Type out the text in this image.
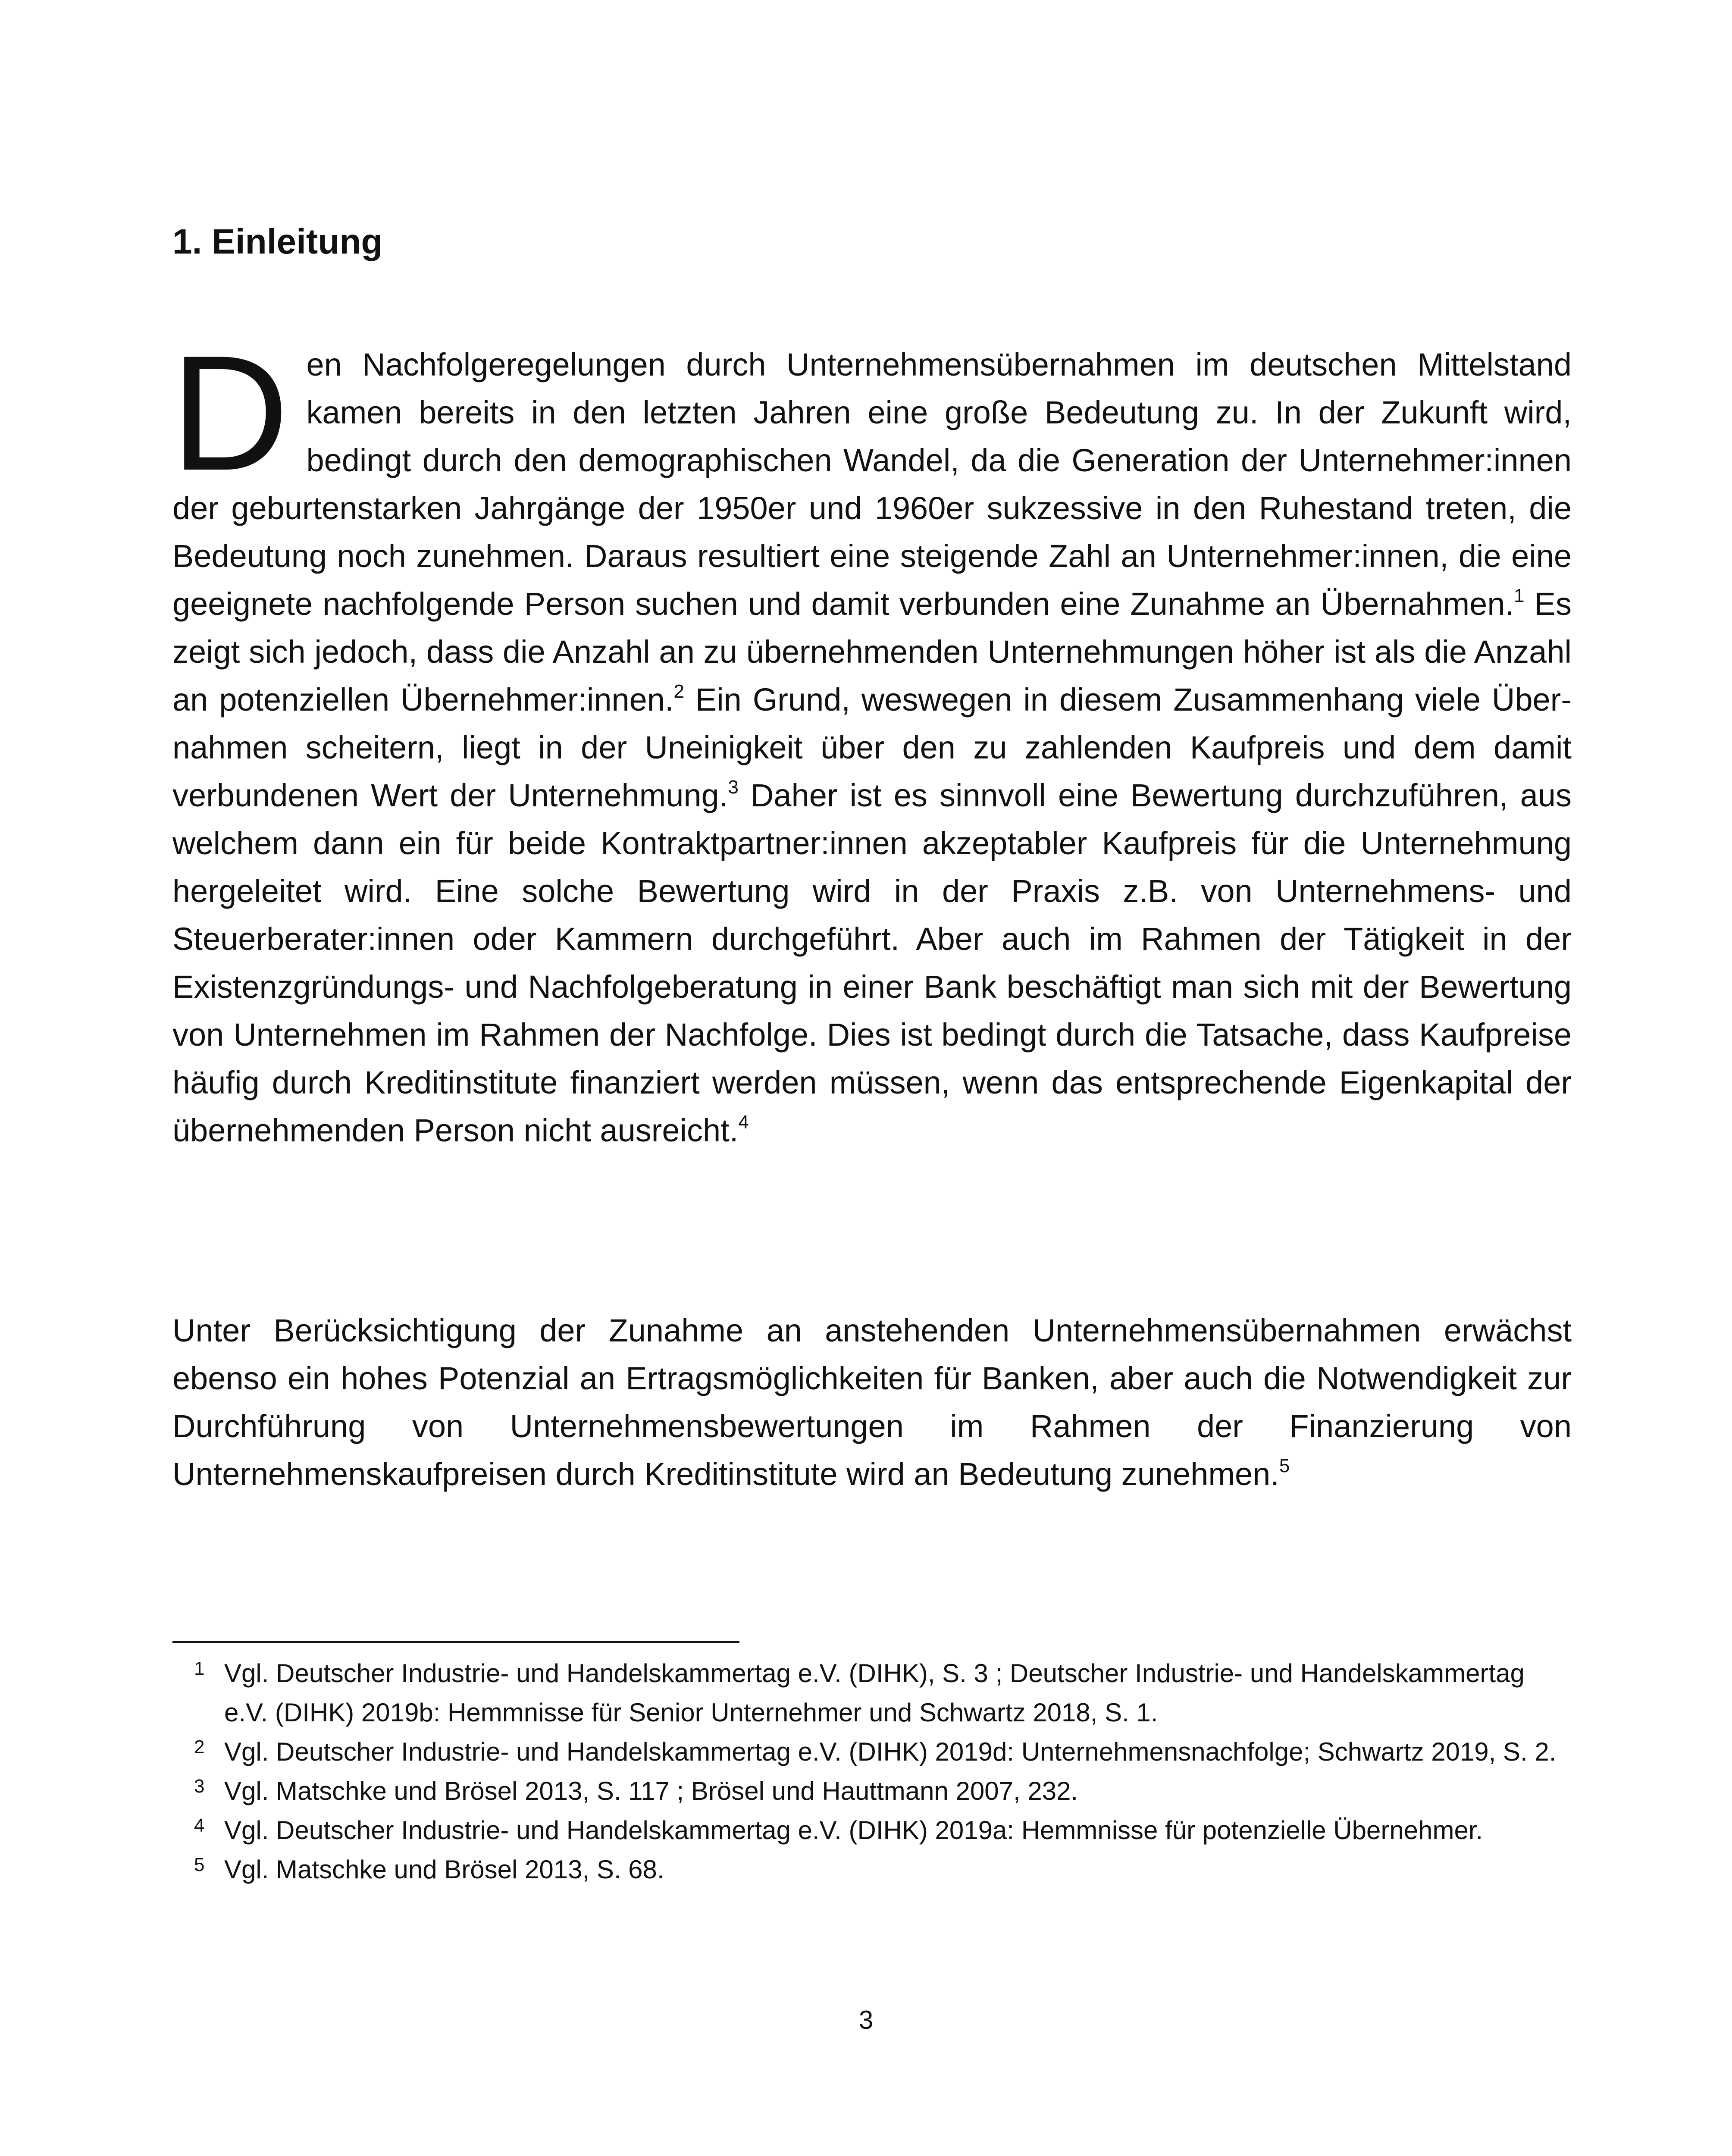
1. Einleitung

Den Nachfolgeregelungen durch Unternehmensübernahmen im deutschen Mittelstand kamen bereits in den letzten Jahren eine große Bedeutung zu. In der Zukunft wird, bedingt durch den demographischen Wandel, da die Generation der Unternehmer:innen der geburtenstarken Jahrgänge der 1950er und 1960er sukzessive in den Ruhestand treten, die Bedeutung noch zunehmen. Daraus resultiert eine steigende Zahl an Unternehmer:innen, die eine geeignete nachfolgende Person suchen und damit verbunden eine Zunahme an Übernahmen.$^1$ Es zeigt sich jedoch, dass die Anzahl an zu übernehmenden Unternehmungen höher ist als die Anzahl an potenziellen Übernehmer:innen.$^2$ Ein Grund, weswegen in diesem Zusammenhang viele Übernahmen scheitern, liegt in der Uneinigkeit über den zu zahlenden Kaufpreis und dem damit verbundenen Wert der Unternehmung.$^3$ Daher ist es sinnvoll eine Bewertung durchzuführen, aus welchem dann ein für beide Kontraktpartner:innen akzeptabler Kaufpreis für die Unternehmung hergeleitet wird. Eine solche Bewertung wird in der Praxis z.B. von Unternehmens- und Steuerberater:innen oder Kammern durchgeführt. Aber auch im Rahmen der Tätigkeit in der Existenzgründungs- und Nachfolgeberatung in einer Bank beschäftigt man sich mit der Bewertung von Unternehmen im Rahmen der Nachfolge. Dies ist bedingt durch die Tatsache, dass Kaufpreise häufig durch Kreditinstitute finanziert werden müssen, wenn das entsprechende Eigenkapital der übernehmenden Person nicht ausreicht.$^4$

Unter Berücksichtigung der Zunahme an anstehenden Unternehmensübernahmen erwächst ebenso ein hohes Potenzial an Ertragsmöglichkeiten für Banken, aber auch die Notwendigkeit zur Durchführung von Unternehmensbewertungen im Rahmen der Finanzierung von Unternehmenskaufpreisen durch Kreditinstitute wird an Bedeutung zunehmen.$^5$

1 Vgl. Deutscher Industrie- und Handelskammertag e.V. (DIHK), S. 3 ; Deutscher Industrie- und Handelskammertag e.V. (DIHK) 2019b: Hemmnisse für Senior Unternehmer und Schwartz 2018, S. 1.
2 Vgl. Deutscher Industrie- und Handelskammertag e.V. (DIHK) 2019d: Unternehmensnachfolge; Schwartz 2019, S. 2.
3 Vgl. Matschke und Brösel 2013, S. 117 ; Brösel und Hauttmann 2007, 232.
4 Vgl. Deutscher Industrie- und Handelskammertag e.V. (DIHK) 2019a: Hemmnisse für potenzielle Übernehmer.
5 Vgl. Matschke und Brösel 2013, S. 68.
3
